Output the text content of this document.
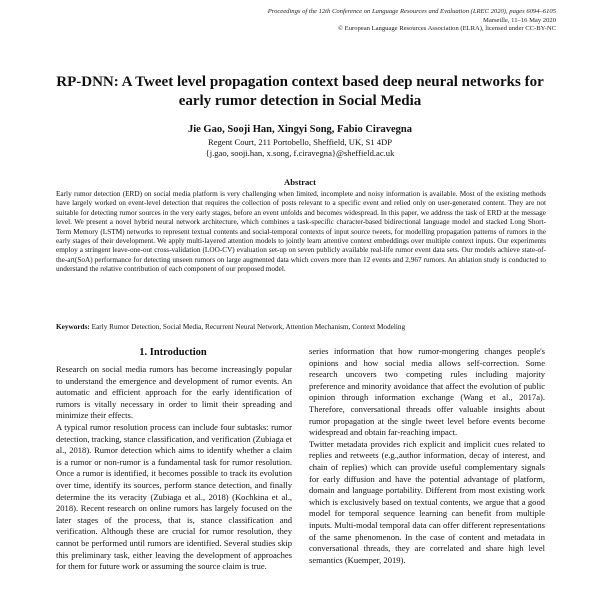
Proceedings of the 12th Conference on Language Resources and Evaluation (LREC 2020), pages 6094–6105
Marseille, 11–16 May 2020
© European Language Resources Association (ELRA), licensed under CC-BY-NC
RP-DNN: A Tweet level propagation context based deep neural networks for
early rumor detection in Social Media
Jie Gao, Sooji Han, Xingyi Song, Fabio Ciravegna
Regent Court, 211 Portobello, Sheffield, UK, S1 4DP
{j.gao, sooji.han, x.song, f.ciravegna}@sheffield.ac.uk
Abstract
Early rumor detection (ERD) on social media platform is very challenging when limited, incomplete and noisy information is available. Most of the existing methods have largely worked on event-level detection that requires the collection of posts relevant to a specific event and relied only on user-generated content. They are not suitable for detecting rumor sources in the very early stages, before an event unfolds and becomes widespread. In this paper, we address the task of ERD at the message level. We present a novel hybrid neural network architecture, which combines a task-specific character-based bidirectional language model and stacked Long Short-Term Memory (LSTM) networks to represent textual contents and social-temporal contexts of input source tweets, for modelling propagation patterns of rumors in the early stages of their development. We apply multi-layered attention models to jointly learn attentive context embeddings over multiple context inputs. Our experiments employ a stringent leave-one-out cross-validation (LOO-CV) evaluation set-up on seven publicly available real-life rumor event data sets. Our models achieve state-of-the-art(SoA) performance for detecting unseen rumors on large augmented data which covers more than 12 events and 2,967 rumors. An ablation study is conducted to understand the relative contribution of each component of our proposed model.
Keywords: Early Rumor Detection, Social Media, Recurrent Neural Network, Attention Mechanism, Context Modeling
1. Introduction

Research on social media rumors has become increasingly popular to understand the emergence and development of rumor events. An automatic and efficient approach for the early identification of rumors is vitally necessary in order to limit their spreading and minimize their effects.

A typical rumor resolution process can include four subtasks: rumor detection, tracking, stance classification, and verification (Zubiaga et al., 2018). Rumor detection which aims to identify whether a claim is a rumor or non-rumor is a fundamental task for rumor resolution. Once a rumor is identified, it becomes possible to track its evolution over time, identify its sources, perform stance detection, and finally determine the its veracity (Zubiaga et al., 2018) (Kochkina et al., 2018). Recent research on online rumors has largely focused on the later stages of the process, that is, stance classification and verification. Although these are crucial for rumor resolution, they cannot be performed until rumors are identified. Several studies skip this preliminary task, either leaving the development of approaches for them for future work or assuming the source claim is true.

series information that how rumor-mongering changes people's opinions and how social media allows self-correction. Some research uncovers two competing rules including majority preference and minority avoidance that affect the evolution of public opinion through information exchange (Wang et al., 2017a). Therefore, conversational threads offer valuable insights about rumor propagation at the single tweet level before events become widespread and obtain far-reaching impact.

Twitter metadata provides rich explicit and implicit cues related to replies and retweets (e.g.,author information, decay of interest, and chain of replies) which can provide useful complementary signals for early diffusion and have the potential advantage of platform, domain and language portability. Different from most existing work which is exclusively based on textual contents, we argue that a good model for temporal sequence learning can benefit from multiple inputs. Multi-modal temporal data can offer different representations of the same phenomenon. In the case of content and metadata in conversational threads, they are correlated and share high level semantics (Kuemper, 2019).
